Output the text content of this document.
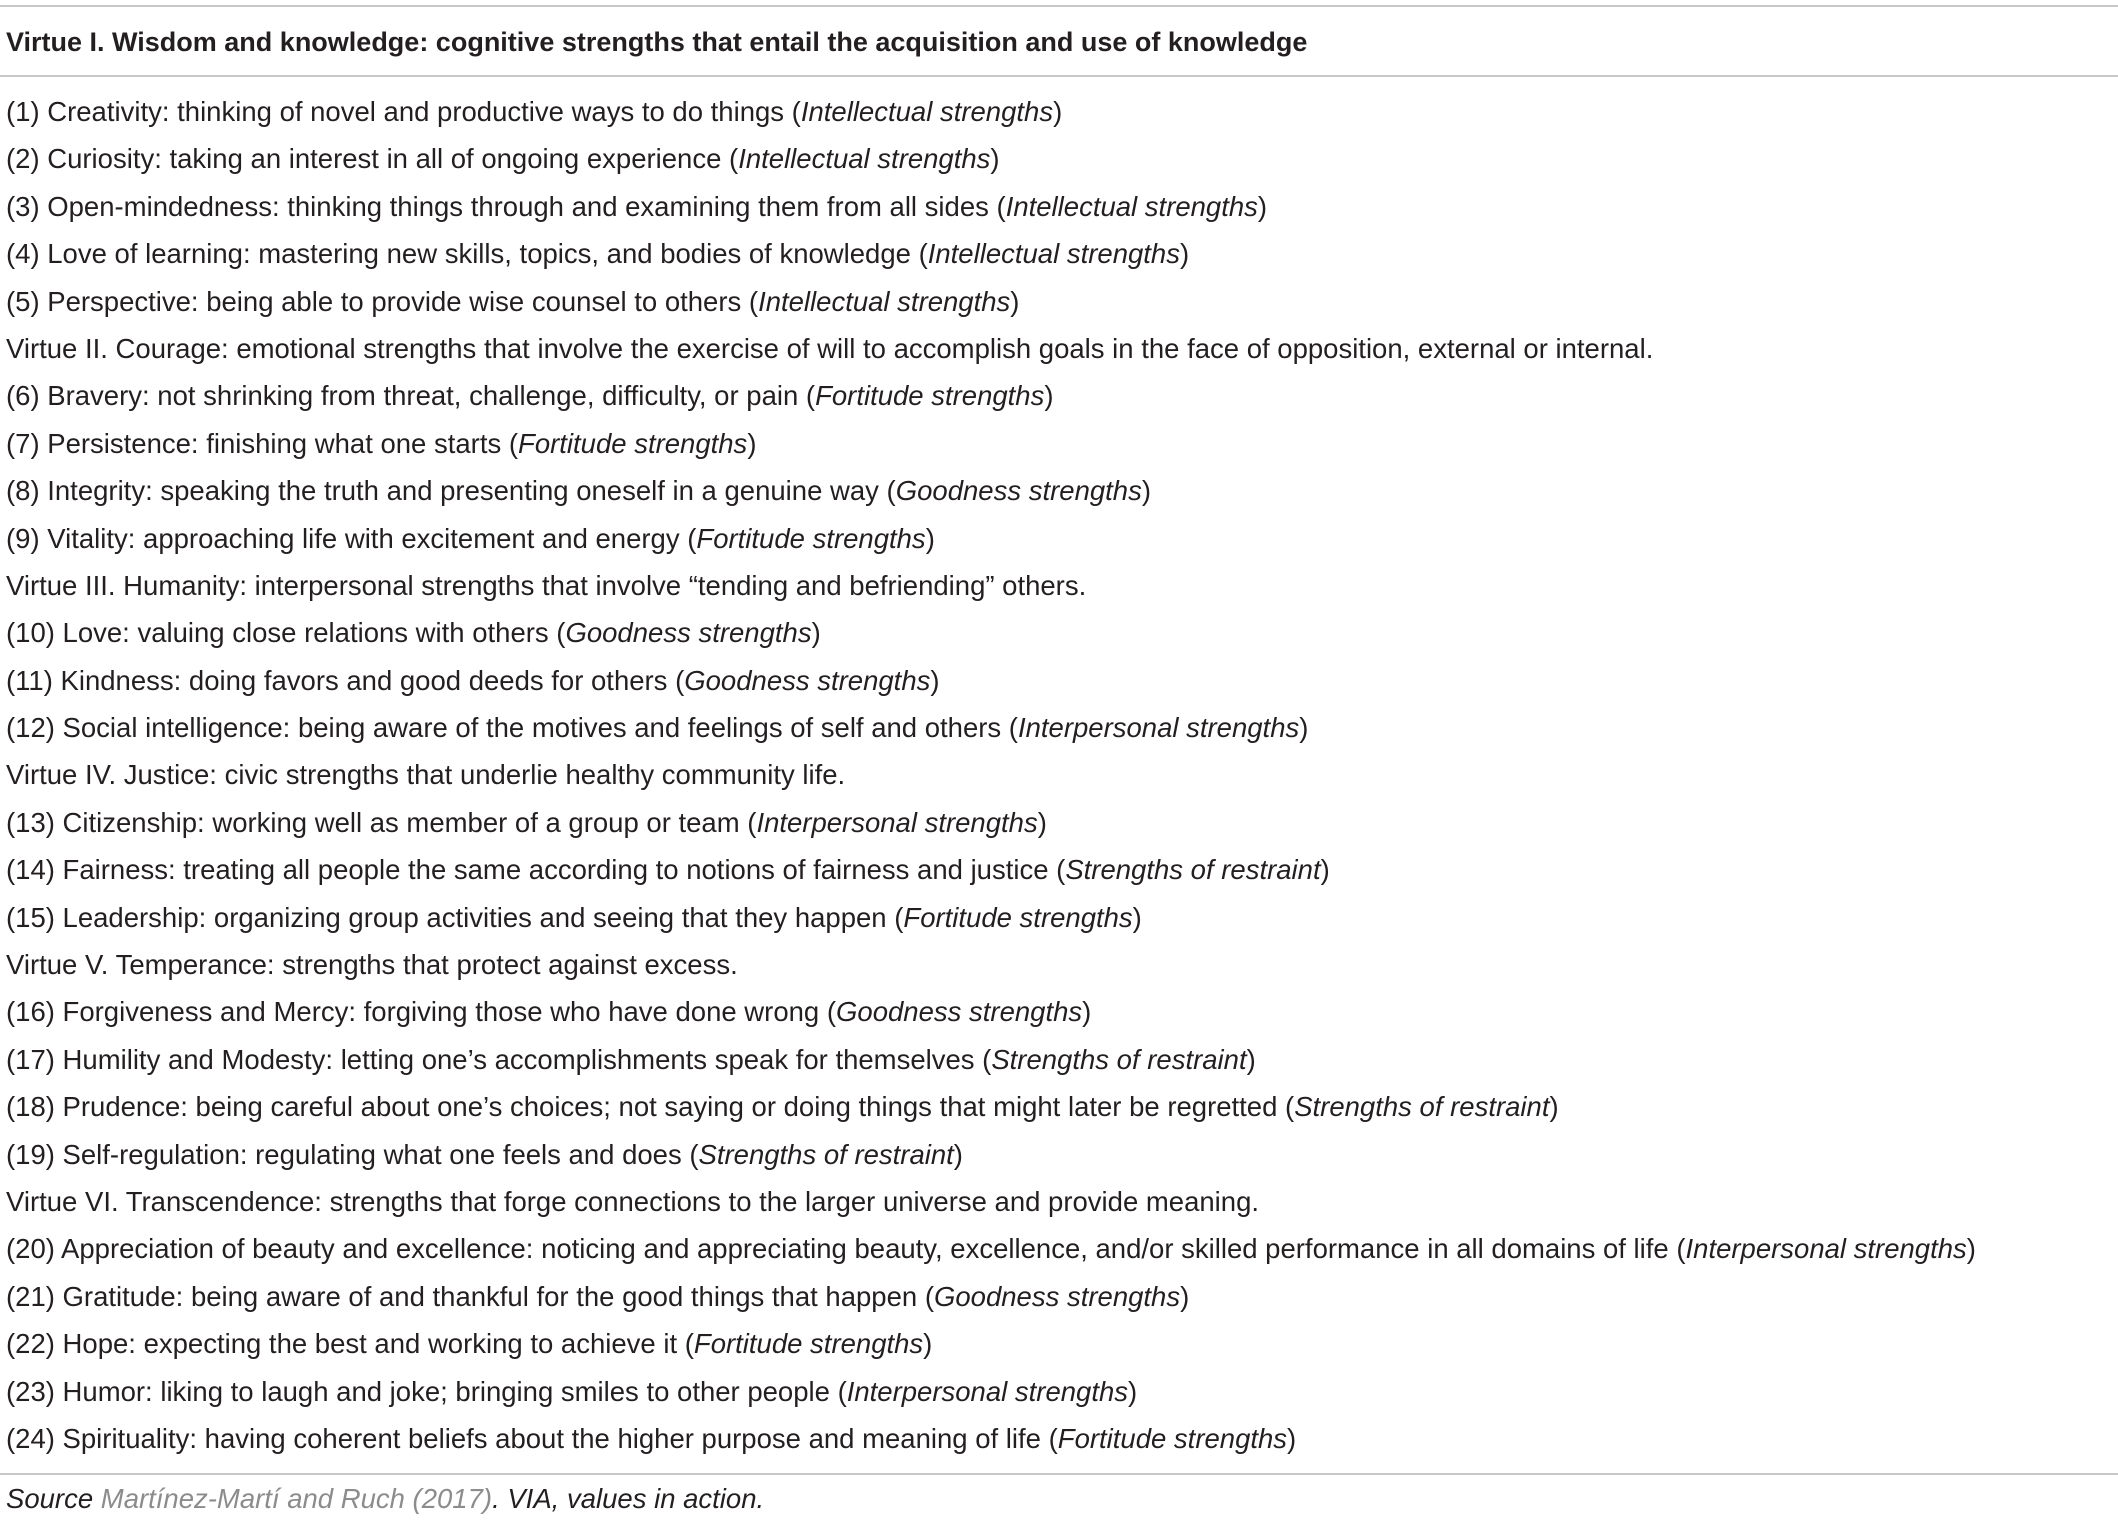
Virtue I. Wisdom and knowledge: cognitive strengths that entail the acquisition and use of knowledge
(1) Creativity: thinking of novel and productive ways to do things (Intellectual strengths)
(2) Curiosity: taking an interest in all of ongoing experience (Intellectual strengths)
(3) Open-mindedness: thinking things through and examining them from all sides (Intellectual strengths)
(4) Love of learning: mastering new skills, topics, and bodies of knowledge (Intellectual strengths)
(5) Perspective: being able to provide wise counsel to others (Intellectual strengths)
Virtue II. Courage: emotional strengths that involve the exercise of will to accomplish goals in the face of opposition, external or internal.
(6) Bravery: not shrinking from threat, challenge, difficulty, or pain (Fortitude strengths)
(7) Persistence: finishing what one starts (Fortitude strengths)
(8) Integrity: speaking the truth and presenting oneself in a genuine way (Goodness strengths)
(9) Vitality: approaching life with excitement and energy (Fortitude strengths)
Virtue III. Humanity: interpersonal strengths that involve “tending and befriending” others.
(10) Love: valuing close relations with others (Goodness strengths)
(11) Kindness: doing favors and good deeds for others (Goodness strengths)
(12) Social intelligence: being aware of the motives and feelings of self and others (Interpersonal strengths)
Virtue IV. Justice: civic strengths that underlie healthy community life.
(13) Citizenship: working well as member of a group or team (Interpersonal strengths)
(14) Fairness: treating all people the same according to notions of fairness and justice (Strengths of restraint)
(15) Leadership: organizing group activities and seeing that they happen (Fortitude strengths)
Virtue V. Temperance: strengths that protect against excess.
(16) Forgiveness and Mercy: forgiving those who have done wrong (Goodness strengths)
(17) Humility and Modesty: letting one’s accomplishments speak for themselves (Strengths of restraint)
(18) Prudence: being careful about one’s choices; not saying or doing things that might later be regretted (Strengths of restraint)
(19) Self-regulation: regulating what one feels and does (Strengths of restraint)
Virtue VI. Transcendence: strengths that forge connections to the larger universe and provide meaning.
(20) Appreciation of beauty and excellence: noticing and appreciating beauty, excellence, and/or skilled performance in all domains of life (Interpersonal strengths)
(21) Gratitude: being aware of and thankful for the good things that happen (Goodness strengths)
(22) Hope: expecting the best and working to achieve it (Fortitude strengths)
(23) Humor: liking to laugh and joke; bringing smiles to other people (Interpersonal strengths)
(24) Spirituality: having coherent beliefs about the higher purpose and meaning of life (Fortitude strengths)
Source Martínez-Martí and Ruch (2017). VIA, values in action.
